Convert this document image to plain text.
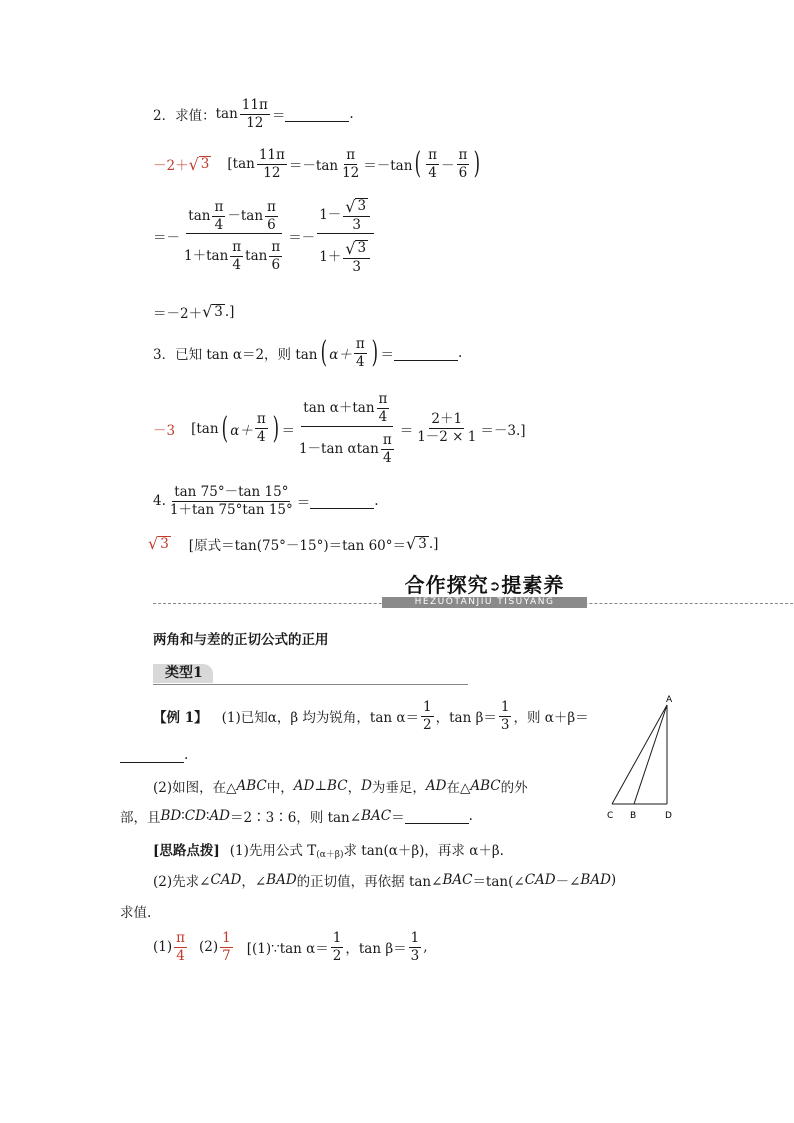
2．求值： $\tan \frac{11\pi}{12}$ ＝	.
－2＋ √ 3 [$\tan \frac{11\pi}{12} =-\tan \frac{\pi}{12} =-\tan$ ( $\frac{\pi}{4} - \frac{\pi}{6}$ )
＝－ $\frac{\tan \frac{\pi}{4} -\tan \frac{\pi}{6}}{1+\tan \frac{\pi}{4} \tan \frac{\pi}{6}} =- \frac{1- \frac{√ 3}{3}}{1+ \frac{√ 3}{3}}$
＝－2＋ √ 3 .]
3．已知 tan α＝2，则 tan ( $\alpha+ \frac{\pi}{4}$ ) ＝	.
－3 [tan ( $\alpha+ \frac{\pi}{4}$ ) ＝ $\frac{\tan \alpha+\tan \frac{\pi}{4}}{1-\tan \alpha\tan \frac{\pi}{4}} = \frac{2+1}{1-2 \times 1} =-3$.]
4. $\frac{\tan 75^\circ-\tan 15^\circ}{1+\tan 75^\circ\tan 15^\circ}$ ＝	.
√ 3 [原式＝tan(75°－15°)＝tan 60°＝ √ 3 .]
合作探究➲提素养
HEZUOTANJIU TISUYANG
两角和与差的正切公式的正用
类型1
【例 1】 (1)已知 α，β 均为锐角，$\tan \alpha= \frac{1}{2}$ ，$\tan \beta= \frac{1}{3}$ ，则 α＋β＝
.
(2)如图，在△ ABC 中， AD ⊥ BC ， D 为垂足， AD 在△ ABC 的外
部，且 BD ∶ CD ∶ AD ＝2∶3∶6，则 tan∠ BAC ＝	.
A
C B	D
[思路点拨] (1)先用公式 T (α＋β) 求 tan(α＋β)，再求 α＋β.
(2)先求∠ CAD ，∠ BAD 的正切值，再依据 tan∠ BAC ＝tan(∠ CAD －∠ BAD )
求值.
$(1) \frac{\pi}{4} (2) \frac{1}{7}$ [(1)∵tan $\alpha= \frac{1}{2}$ ，$\tan \beta= \frac{1}{3}$ ,
